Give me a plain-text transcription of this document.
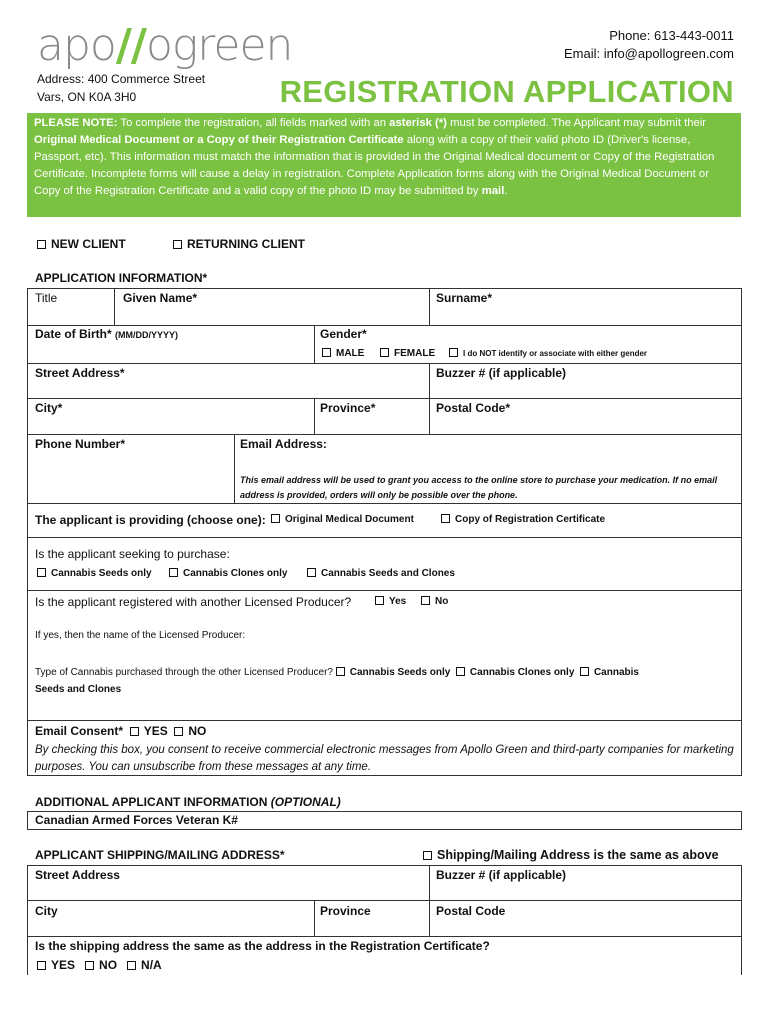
apo//ogreen	Phone: 613-443-0011
Email: info@apollogreen.com
Address: 400 Commerce Street
Vars, ON K0A 3H0	REGISTRATION APPLICATION
PLEASE NOTE: To complete the registration, all fields marked with an asterisk (*) must be completed. The Applicant may submit their Original Medical Document or a Copy of their Registration Certificate along with a copy of their valid photo ID (Driver's license, Passport, etc). This information must match the information that is provided in the Original Medical document or Copy of the Registration Certificate. Incomplete forms will cause a delay in registration. Complete Application forms along with the Original Medical Document or Copy of the Registration Certificate and a valid copy of the photo ID may be submitted by mail.
NEW CLIENT	RETURNING CLIENT
APPLICATION INFORMATION*
Title	Given Name*	Surname*
Date of Birth* (MM/DD/YYYY)	Gender*
MALE	FEMALE	I do NOT identify or associate with either gender
Street Address*	Buzzer # (if applicable)
City*	Province*	Postal Code*
Phone Number*	Email Address:
This email address will be used to grant you access to the online store to purchase your medication. If no email address is provided, orders will only be possible over the phone.
The applicant is providing (choose one):	Original Medical Document	Copy of Registration Certificate
Is the applicant seeking to purchase:
Cannabis Seeds only	Cannabis Clones only	Cannabis Seeds and Clones
Is the applicant registered with another Licensed Producer?	Yes	No
If yes, then the name of the Licensed Producer:
Type of Cannabis purchased through the other Licensed Producer? Cannabis Seeds only Cannabis Clones only Cannabis
Seeds and Clones
Email Consent* YES NO
By checking this box, you consent to receive commercial electronic messages from Apollo Green and third-party companies for marketing purposes. You can unsubscribe from these messages at any time.
ADDITIONAL APPLICANT INFORMATION (OPTIONAL)
Canadian Armed Forces Veteran K#
APPLICANT SHIPPING/MAILING ADDRESS*	Shipping/Mailing Address is the same as above
Street Address	Buzzer # (if applicable)
City	Province	Postal Code
Is the shipping address the same as the address in the Registration Certificate?
YES NO N/A
